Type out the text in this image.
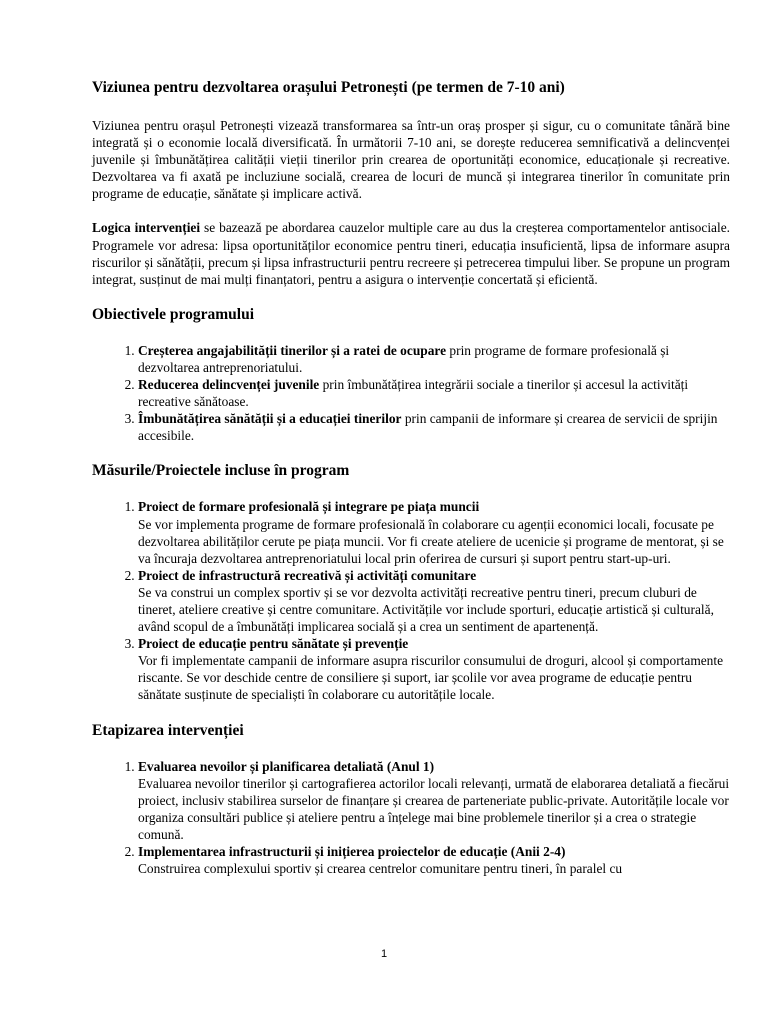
Viziunea pentru dezvoltarea orașului Petronești (pe termen de 7-10 ani)

Viziunea pentru orașul Petronești vizează transformarea sa într-un oraș prosper și sigur, cu o comunitate tânără bine integrată și o economie locală diversificată. În următorii 7-10 ani, se dorește reducerea semnificativă a delincvenței juvenile și îmbunătățirea calității vieții tinerilor prin crearea de oportunități economice, educaționale și recreative. Dezvoltarea va fi axată pe incluziune socială, crearea de locuri de muncă și integrarea tinerilor în comunitate prin programe de educație, sănătate și implicare activă.

Logica intervenției se bazează pe abordarea cauzelor multiple care au dus la creșterea comportamentelor antisociale. Programele vor adresa: lipsa oportunităților economice pentru tineri, educația insuficientă, lipsa de informare asupra riscurilor și sănătății, precum și lipsa infrastructurii pentru recreere și petrecerea timpului liber. Se propune un program integrat, susținut de mai mulți finanțatori, pentru a asigura o intervenție concertată și eficientă.

Obiectivele programului
1. Creșterea angajabilității tinerilor și a ratei de ocupare prin programe de formare profesională și dezvoltarea antreprenoriatului.
2. Reducerea delincvenței juvenile prin îmbunătățirea integrării sociale a tinerilor și accesul la activități recreative sănătoase.
3. Îmbunătățirea sănătății și a educației tinerilor prin campanii de informare și crearea de servicii de sprijin accesibile.
Măsurile/Proiectele incluse în program
1. Proiect de formare profesională și integrare pe piața muncii
Se vor implementa programe de formare profesională în colaborare cu agenții economici locali, focusate pe dezvoltarea abilităților cerute pe piața muncii. Vor fi create ateliere de ucenicie și programe de mentorat, și se va încuraja dezvoltarea antreprenoriatului local prin oferirea de cursuri și suport pentru start-up-uri.
2. Proiect de infrastructură recreativă și activități comunitare
Se va construi un complex sportiv și se vor dezvolta activități recreative pentru tineri, precum cluburi de tineret, ateliere creative și centre comunitare. Activitățile vor include sporturi, educație artistică și culturală, având scopul de a îmbunătăți implicarea socială și a crea un sentiment de apartenență.
3. Proiect de educație pentru sănătate și prevenție
Vor fi implementate campanii de informare asupra riscurilor consumului de droguri, alcool și comportamente riscante. Se vor deschide centre de consiliere și suport, iar școlile vor avea programe de educație pentru sănătate susținute de specialiști în colaborare cu autoritățile locale.
Etapizarea intervenției
1. Evaluarea nevoilor și planificarea detaliată (Anul 1)
Evaluarea nevoilor tinerilor și cartografierea actorilor locali relevanți, urmată de elaborarea detaliată a fiecărui proiect, inclusiv stabilirea surselor de finanțare și crearea de parteneriate public-private. Autoritățile locale vor organiza consultări publice și ateliere pentru a înțelege mai bine problemele tinerilor și a crea o strategie comună.
2. Implementarea infrastructurii și inițierea proiectelor de educație (Anii 2-4)
Construirea complexului sportiv și crearea centrelor comunitare pentru tineri, în paralel cu
1
